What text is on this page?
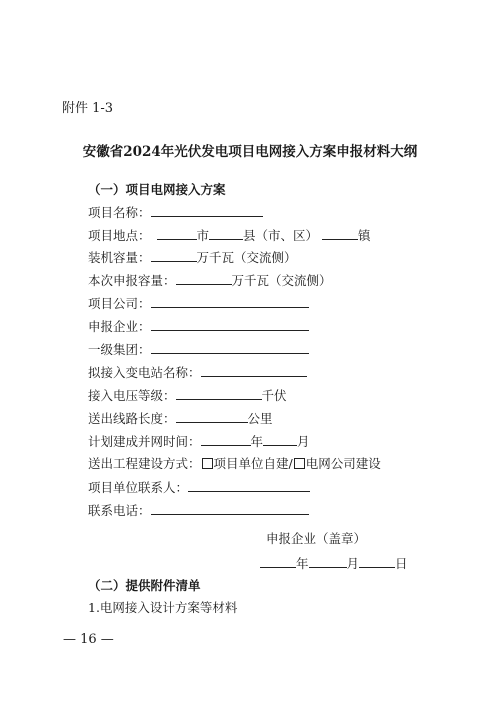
附件 1-3
安徽省2024年光伏发电项目电网接入方案申报材料大纲
（一）项目电网接入方案
项目名称：
项目地点：	市	县（市、区）	镇
装机容量：	万千瓦（交流侧）
本次申报容量：	万千瓦（交流侧）
项目公司：
申报企业：
一级集团：
拟接入变电站名称：
接入电压等级：	千伏
送出线路长度：	公里
计划建成并网时间：	年	月
送出工程建设方式： 项目单位自建/ 电网公司建设
项目单位联系人：
联系电话：
申报企业（盖章）
年	月	日
（二）提供附件清单
1.电网接入设计方案等材料
— 16 —
